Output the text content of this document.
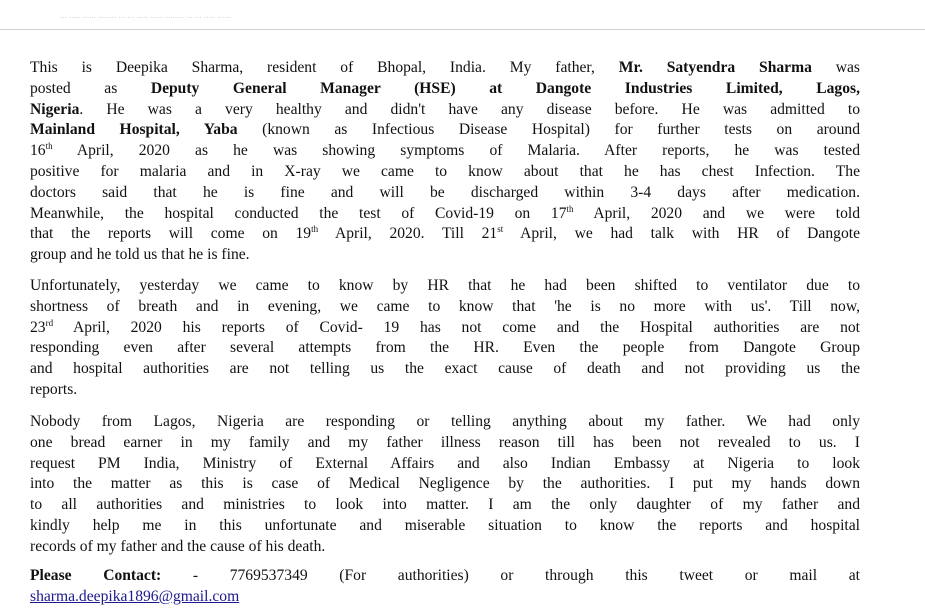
... ..... ...... ........ ... ... ..... ...... ........ ... ... ..... ......
This is Deepika Sharma, resident of Bhopal, India. My father, Mr. Satyendra Sharma was
posted as Deputy General Manager (HSE) at Dangote Industries Limited, Lagos,
Nigeria. He was a very healthy and didn't have any disease before. He was admitted to
Mainland Hospital, Yaba (known as Infectious Disease Hospital) for further tests on around
16th April, 2020 as he was showing symptoms of Malaria. After reports, he was tested
positive for malaria and in X-ray we came to know about that he has chest Infection. The
doctors said that he is fine and will be discharged within 3-4 days after medication.
Meanwhile, the hospital conducted the test of Covid-19 on 17th April, 2020 and we were told
that the reports will come on 19th April, 2020. Till 21st April, we had talk with HR of Dangote
group and he told us that he is fine.
Unfortunately, yesterday we came to know by HR that he had been shifted to ventilator due to
shortness of breath and in evening, we came to know that 'he is no more with us'. Till now,
23rd April, 2020 his reports of Covid- 19 has not come and the Hospital authorities are not
responding even after several attempts from the HR. Even the people from Dangote Group
and hospital authorities are not telling us the exact cause of death and not providing us the
reports.
Nobody from Lagos, Nigeria are responding or telling anything about my father. We had only
one bread earner in my family and my father illness reason till has been not revealed to us. I
request PM India, Ministry of External Affairs and also Indian Embassy at Nigeria to look
into the matter as this is case of Medical Negligence by the authorities. I put my hands down
to all authorities and ministries to look into matter. I am the only daughter of my father and
kindly help me in this unfortunate and miserable situation to know the reports and hospital
records of my father and the cause of his death.
Please Contact: - 7769537349 (For authorities) or through this tweet or mail at
sharma.deepika1896@gmail.com
